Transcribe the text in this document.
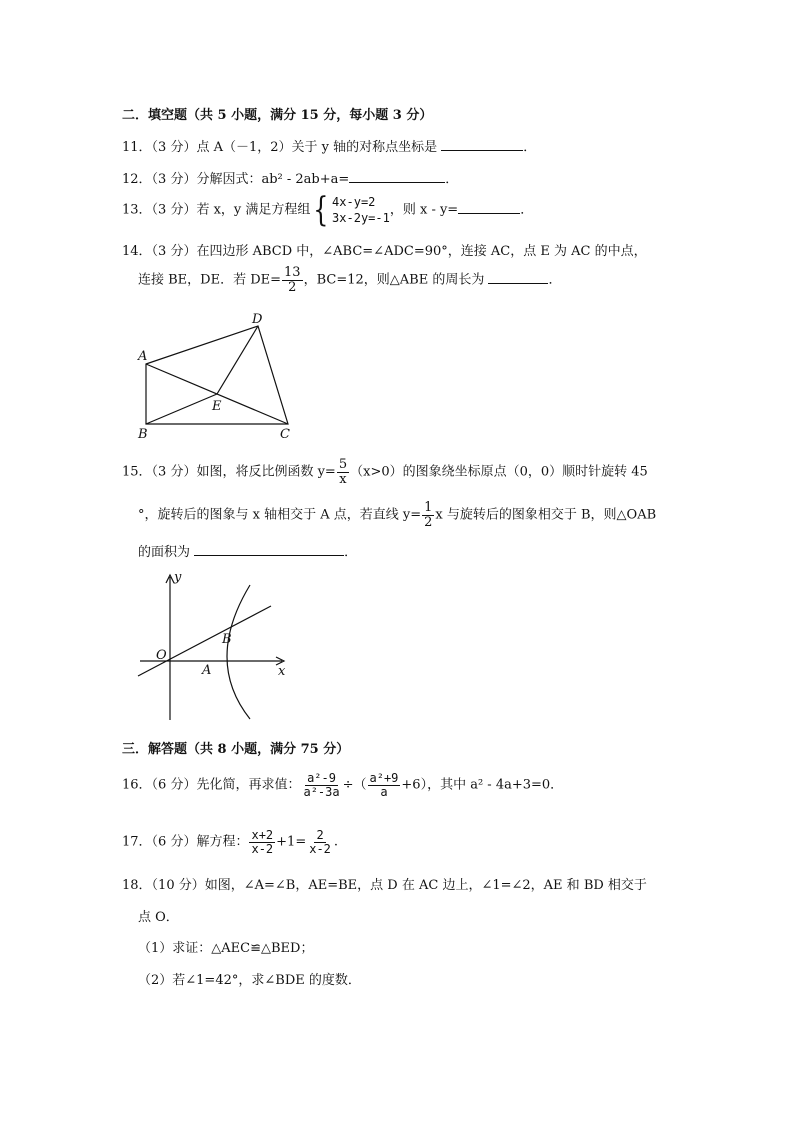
二．填空题（共 5 小题，满分 15 分，每小题 3 分）
11．（3 分）点 A（－1，2）关于 y 轴的对称点坐标是	．
12．（3 分）分解因式：ab² - 2ab+a=	．
13．（3 分）若 x，y 满足方程组{ 4x-y=2
3x-2y=-1
，则 x - y=	．
14．（3 分）在四边形 ABCD 中，∠ABC=∠ADC=90°，连接 AC，点 E 为 AC 的中点，
连接 BE，DE．若 $DE= \frac{13}{2}$ ，BC=12，则△ABE 的周长为	．
A
B	C
D
E
15．（3 分）如图，将反比例函数 $y= \frac{5}{x} (x>0)$的图象绕坐标原点（0，0）顺时针旋转 45
°，旋转后的图象与 x 轴相交于 A 点，若直线 $y= \frac{1}{2}$ x 与旋转后的图象相交于 B，则△OAB
的面积为	．
y
x
O
A
B
三．解答题（共 8 小题，满分 75 分）
16．（6 分）先化简，再求值： $\frac{\text{a²-9}}{\text{a²-3a}}$ ÷（ $\frac{\text{a²+9}}{a} +6$），其中 a² - 4a+3=0．
17．（6 分）解方程： $\frac{x+2}{x-2} +1= \frac{2}{x-2}$ .
18．（10 分）如图，∠A=∠B，AE=BE，点 D 在 AC 边上，∠1=∠2，AE 和 BD 相交于
点 O．
（1）求证：△AEC≌△BED；
（2）若∠1=42°，求∠BDE 的度数．
